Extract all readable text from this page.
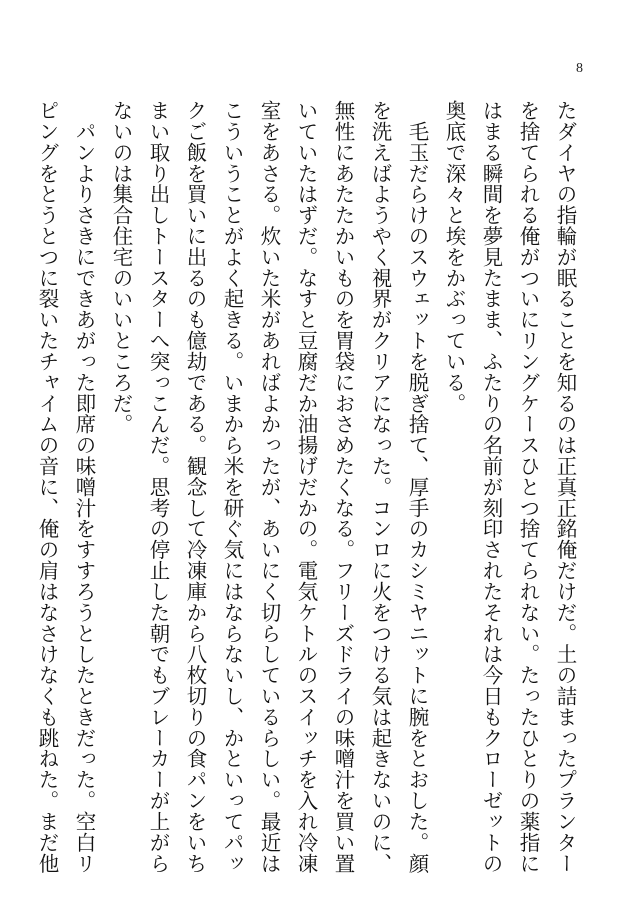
8
たダイヤの指輪が眠ることを知るのは正真正銘俺だけだ。土の詰まったプランター
を捨てられる俺がついにリングケースひとつ捨てられない。たったひとりの薬指に
はまる瞬間を夢見たまま、ふたりの名前が刻印されたそれは今日もクローゼットの
奥底で深々と埃をかぶっている。
　毛玉だらけのスウェットを脱ぎ捨て、厚手のカシミヤニットに腕をとおした。顔
を洗えばようやく視界がクリアになった。コンロに火をつける気は起きないのに、
無性にあたたかいものを胃袋におさめたくなる。フリーズドライの味噌汁を買い置
いていたはずだ。なすと豆腐だか油揚げだかの。電気ケトルのスイッチを入れ冷凍
室をあさる。炊いた米があればよかったが、あいにく切らしているらしい。最近は
こういうことがよく起きる。いまから米を研ぐ気にはならないし、かといってパッ
クご飯を買いに出るのも億劫である。観念して冷凍庫から八枚切りの食パンをいち
まい取り出しトースターへ突っこんだ。思考の停止した朝でもブレーカーが上がら
ないのは集合住宅のいいところだ。
　パンよりさきにできあがった即席の味噌汁をすすろうとしたときだった。空白リ
ピングをとうとつに裂いたチャイムの音に、俺の肩はなさけなくも跳ねた。まだ他
